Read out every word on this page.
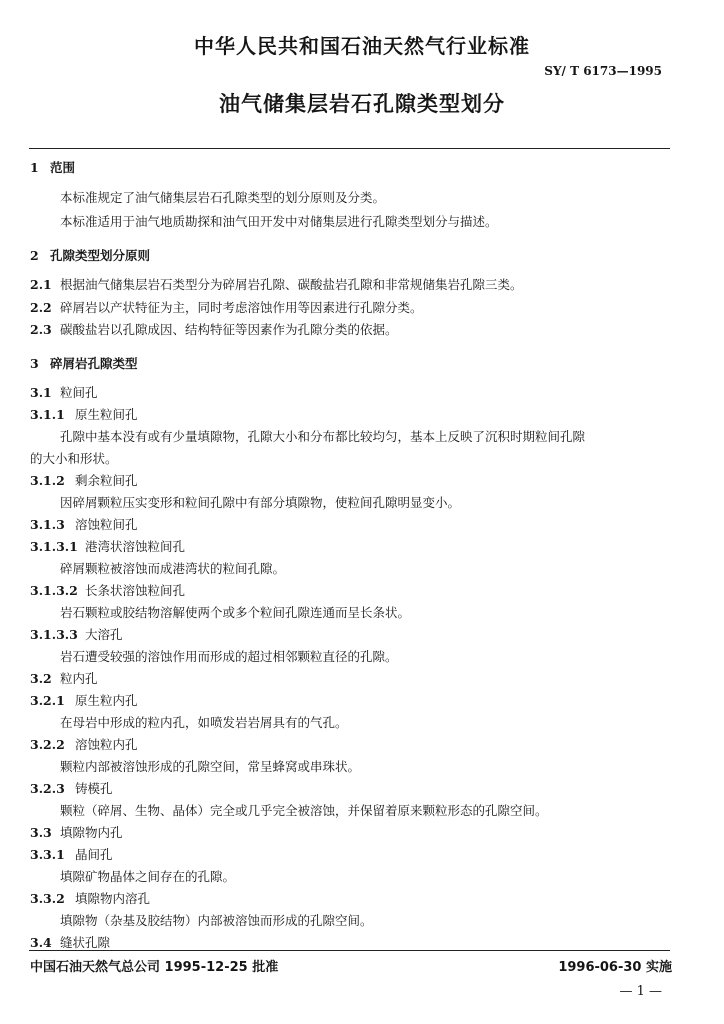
中华人民共和国石油天然气行业标准
SY/ T 6173—1995
油气储集层岩石孔隙类型划分
1 范围
本标准规定了油气储集层岩石孔隙类型的划分原则及分类。
本标准适用于油气地质勘探和油气田开发中对储集层进行孔隙类型划分与描述。
2 孔隙类型划分原则
2.1 根据油气储集层岩石类型分为碎屑岩孔隙、碳酸盐岩孔隙和非常规储集岩孔隙三类。
2.2 碎屑岩以产状特征为主，同时考虑溶蚀作用等因素进行孔隙分类。
2.3 碳酸盐岩以孔隙成因、结构特征等因素作为孔隙分类的依据。
3 碎屑岩孔隙类型
3.1 粒间孔
3.1.1 原生粒间孔
孔隙中基本没有或有少量填隙物，孔隙大小和分布都比较均匀，基本上反映了沉积时期粒间孔隙
的大小和形状。
3.1.2 剩余粒间孔
因碎屑颗粒压实变形和粒间孔隙中有部分填隙物，使粒间孔隙明显变小。
3.1.3 溶蚀粒间孔
3.1.3.1 港湾状溶蚀粒间孔
碎屑颗粒被溶蚀而成港湾状的粒间孔隙。
3.1.3.2 长条状溶蚀粒间孔
岩石颗粒或胶结物溶解使两个或多个粒间孔隙连通而呈长条状。
3.1.3.3 大溶孔
岩石遭受较强的溶蚀作用而形成的超过相邻颗粒直径的孔隙。
3.2 粒内孔
3.2.1 原生粒内孔
在母岩中形成的粒内孔，如喷发岩岩屑具有的气孔。
3.2.2 溶蚀粒内孔
颗粒内部被溶蚀形成的孔隙空间，常呈蜂窝或串珠状。
3.2.3 铸模孔
颗粒（碎屑、生物、晶体）完全或几乎完全被溶蚀，并保留着原来颗粒形态的孔隙空间。
3.3 填隙物内孔
3.3.1 晶间孔
填隙矿物晶体之间存在的孔隙。
3.3.2 填隙物内溶孔
填隙物（杂基及胶结物）内部被溶蚀而形成的孔隙空间。
3.4 缝状孔隙
中国石油天然气总公司 1995-12-25 批准	1996-06-30 实施
— 1 —
